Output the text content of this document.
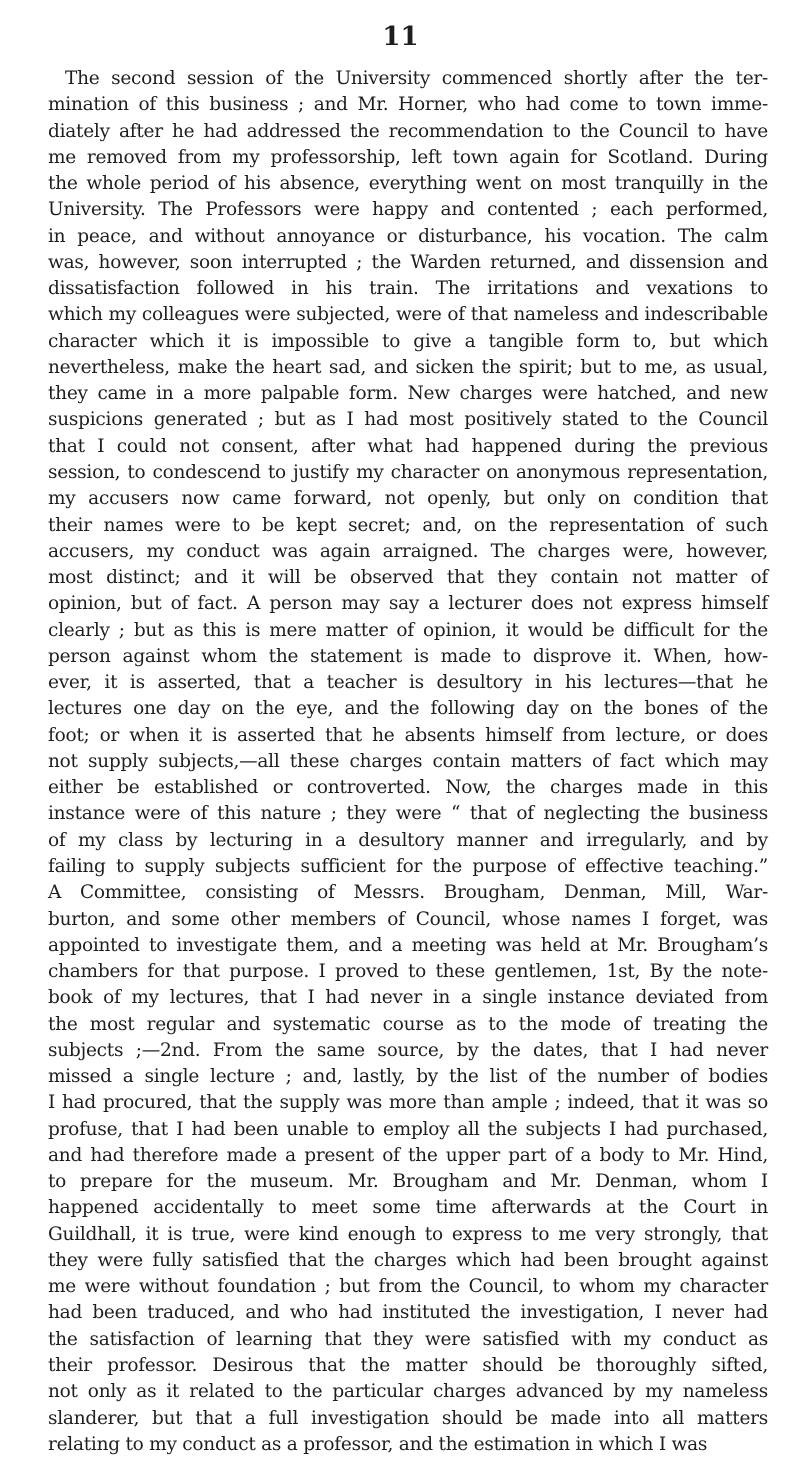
11
The second session of the University commenced shortly after the ter-
mination of this business ; and Mr. Horner, who had come to town imme-
diately after he had addressed the recommendation to the Council to have
me removed from my professorship, left town again for Scotland. During
the whole period of his absence, everything went on most tranquilly in the
University. The Professors were happy and contented ; each performed,
in peace, and without annoyance or disturbance, his vocation. The calm
was, however, soon interrupted ; the Warden returned, and dissension and
dissatisfaction followed in his train. The irritations and vexations to
which my colleagues were subjected, were of that nameless and indescribable
character which it is impossible to give a tangible form to, but which
nevertheless, make the heart sad, and sicken the spirit; but to me, as usual,
they came in a more palpable form. New charges were hatched, and new
suspicions generated ; but as I had most positively stated to the Council
that I could not consent, after what had happened during the previous
session, to condescend to justify my character on anonymous representation,
my accusers now came forward, not openly, but only on condition that
their names were to be kept secret; and, on the representation of such
accusers, my conduct was again arraigned. The charges were, however,
most distinct; and it will be observed that they contain not matter of
opinion, but of fact. A person may say a lecturer does not express himself
clearly ; but as this is mere matter of opinion, it would be difficult for the
person against whom the statement is made to disprove it. When, how-
ever, it is asserted, that a teacher is desultory in his lectures—that he
lectures one day on the eye, and the following day on the bones of the
foot; or when it is asserted that he absents himself from lecture, or does
not supply subjects,—all these charges contain matters of fact which may
either be established or controverted. Now, the charges made in this
instance were of this nature ; they were “ that of neglecting the business
of my class by lecturing in a desultory manner and irregularly, and by
failing to supply subjects sufficient for the purpose of effective teaching.”
A Committee, consisting of Messrs. Brougham, Denman, Mill, War-
burton, and some other members of Council, whose names I forget, was
appointed to investigate them, and a meeting was held at Mr. Brougham’s
chambers for that purpose. I proved to these gentlemen, 1st, By the note-
book of my lectures, that I had never in a single instance deviated from
the most regular and systematic course as to the mode of treating the
subjects ;—2nd. From the same source, by the dates, that I had never
missed a single lecture ; and, lastly, by the list of the number of bodies
I had procured, that the supply was more than ample ; indeed, that it was so
profuse, that I had been unable to employ all the subjects I had purchased,
and had therefore made a present of the upper part of a body to Mr. Hind,
to prepare for the museum. Mr. Brougham and Mr. Denman, whom I
happened accidentally to meet some time afterwards at the Court in
Guildhall, it is true, were kind enough to express to me very strongly, that
they were fully satisfied that the charges which had been brought against
me were without foundation ; but from the Council, to whom my character
had been traduced, and who had instituted the investigation, I never had
the satisfaction of learning that they were satisfied with my conduct as
their professor. Desirous that the matter should be thoroughly sifted,
not only as it related to the particular charges advanced by my nameless
slanderer, but that a full investigation should be made into all matters
relating to my conduct as a professor, and the estimation in which I was
